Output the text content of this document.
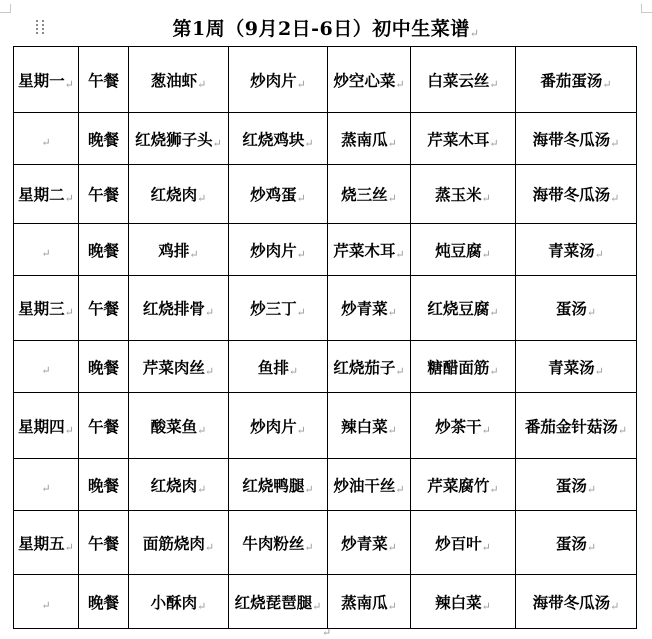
第1周（9月2日-6日）初中生菜谱↵
星期一↵	午餐	葱油虾↵	炒肉片↵	炒空心菜↵	白菜云丝↵	番茄蛋汤↵
↵	晚餐	红烧狮子头↵	红烧鸡块↵	蒸南瓜↵	芹菜木耳↵	海带冬瓜汤↵
星期二↵	午餐	红烧肉↵	炒鸡蛋↵	烧三丝↵	蒸玉米↵	海带冬瓜汤↵
↵	晚餐	鸡排↵	炒肉片↵	芹菜木耳↵	炖豆腐↵	青菜汤↵
星期三↵	午餐	红烧排骨↵	炒三丁↵	炒青菜↵	红烧豆腐↵	蛋汤↵
↵	晚餐	芹菜肉丝↵	鱼排↵	红烧茄子↵	糖醋面筋↵	青菜汤↵
星期四↵	午餐	酸菜鱼↵	炒肉片↵	辣白菜↵	炒茶干↵	番茄金针菇汤↵
↵	晚餐	红烧肉↵	红烧鸭腿↵	炒油干丝↵	芹菜腐竹↵	蛋汤↵
星期五↵	午餐	面筋烧肉↵	牛肉粉丝↵	炒青菜↵	炒百叶↵	蛋汤↵
↵	晚餐	小酥肉↵	红烧琵琶腿↵	蒸南瓜↵	辣白菜↵	海带冬瓜汤↵
↵
